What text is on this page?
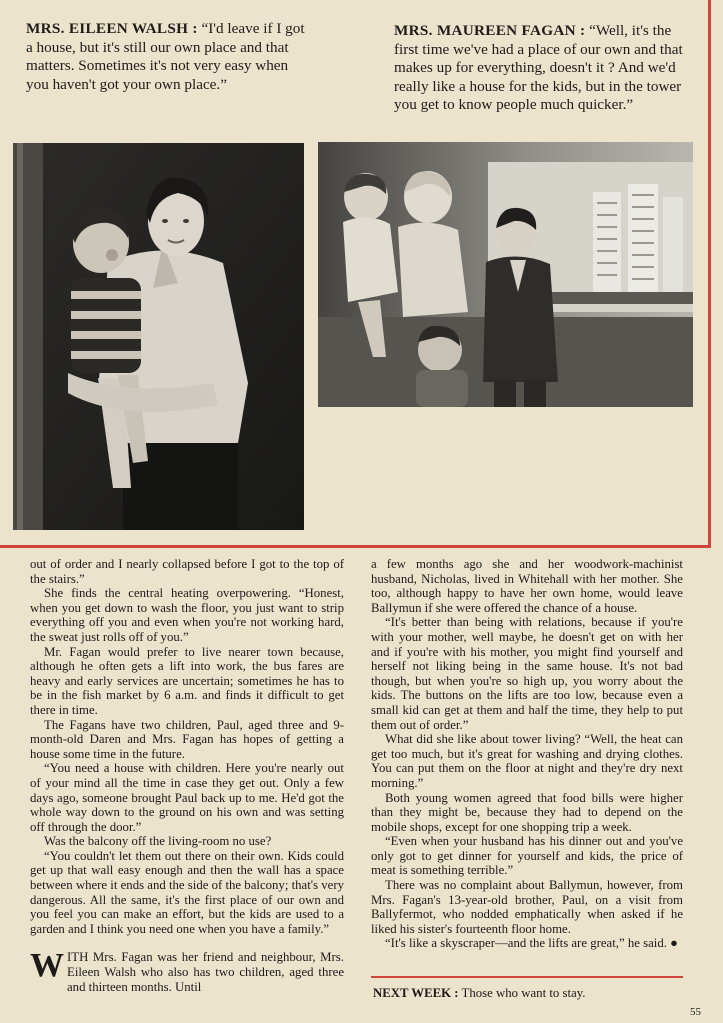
MRS. EILEEN WALSH : “I'd leave if I got a house, but it's still our own place and that matters. Sometimes it's not very easy when you haven't got your own place.”
MRS. MAUREEN FAGAN : “Well, it's the first time we've had a place of our own and that makes up for everything, doesn't it ? And we'd really like a house for the kids, but in the tower you get to know people much quicker.”

out of order and I nearly collapsed before I got to the top of the stairs.”

She finds the central heating overpowering. “Honest, when you get down to wash the floor, you just want to strip everything off you and even when you're not working hard, the sweat just rolls off of you.”

Mr. Fagan would prefer to live nearer town because, although he often gets a lift into work, the bus fares are heavy and early services are uncertain; sometimes he has to be in the fish market by 6 a.m. and finds it difficult to get there in time.

The Fagans have two children, Paul, aged three and 9-month-old Daren and Mrs. Fagan has hopes of getting a house some time in the future.

“You need a house with children. Here you're nearly out of your mind all the time in case they get out. Only a few days ago, someone brought Paul back up to me. He'd got the whole way down to the ground on his own and was setting off through the door.”

Was the balcony off the living-room no use?

“You couldn't let them out there on their own. Kids could get up that wall easy enough and then the wall has a space between where it ends and the side of the balcony; that's very dangerous. All the same, it's the first place of our own and you feel you can make an effort, but the kids are used to a garden and I think you need one when you have a family.”

WITH Mrs. Fagan was her friend and neighbour, Mrs. Eileen Walsh who also has two children, aged three and thirteen months. Until

a few months ago she and her woodwork-machinist husband, Nicholas, lived in Whitehall with her mother. She too, although happy to have her own home, would leave Ballymun if she were offered the chance of a house.

“It's better than being with relations, because if you're with your mother, well maybe, he doesn't get on with her and if you're with his mother, you might find yourself and herself not liking being in the same house. It's not bad though, but when you're so high up, you worry about the kids. The buttons on the lifts are too low, because even a small kid can get at them and half the time, they help to put them out of order.”

What did she like about tower living? “Well, the heat can get too much, but it's great for washing and drying clothes. You can put them on the floor at night and they're dry next morning.”

Both young women agreed that food bills were higher than they might be, because they had to depend on the mobile shops, except for one shopping trip a week.

“Even when your husband has his dinner out and you've only got to get dinner for yourself and kids, the price of meat is something terrible.”

There was no complaint about Ballymun, however, from Mrs. Fagan's 13-year-old brother, Paul, on a visit from Ballyfermot, who nodded emphatically when asked if he liked his sister's fourteenth floor home.

“It's like a skyscraper—and the lifts are great,” he said. ●

NEXT WEEK : Those who want to stay.
55
